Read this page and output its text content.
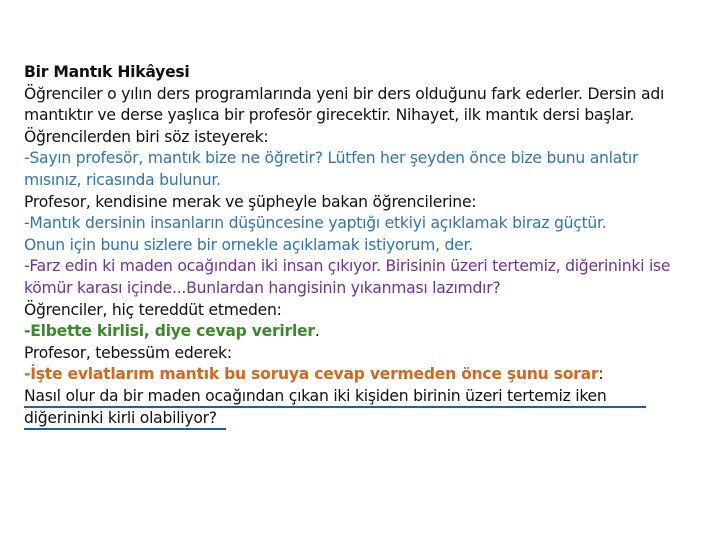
Bir Mantık Hikâyesi
Öğrenciler o yılın ders programlarında yeni bir ders olduğunu fark ederler. Dersin adı
mantıktır ve derse yaşlıca bir profesör girecektir. Nihayet, ilk mantık dersi başlar.
Öğrencilerden biri söz isteyerek:
-Sayın profesör, mantık bize ne öğretir? Lütfen her şeyden önce bize bunu anlatır
mısınız, ricasında bulunur.
Profesor, kendisine merak ve şüpheyle bakan öğrencilerine:
-Mantık dersinin insanların düşüncesine yaptığı etkiyi açıklamak biraz güçtür.
Onun için bunu sizlere bir ornekle açıklamak istiyorum, der.
-Farz edin ki maden ocağından iki insan çıkıyor. Birisinin üzeri tertemiz, diğerininki ise
kömür karası içinde...Bunlardan hangisinin yıkanması lazımdır?
Öğrenciler, hiç tereddüt etmeden:
-Elbette kirlisi, diye cevap verirler.
Profesor, tebessüm ederek:
-İşte evlatlarım mantık bu soruya cevap vermeden önce şunu sorar:
Nasıl olur da bir maden ocağından çıkan iki kişiden birinin üzeri tertemiz iken
diğerininki kirli olabiliyor?
